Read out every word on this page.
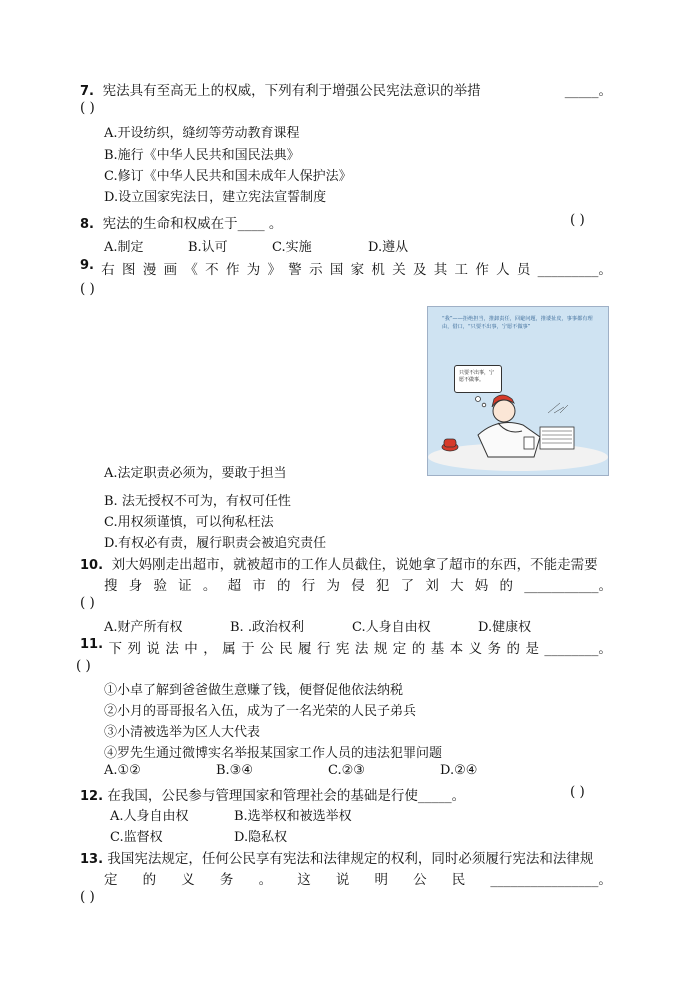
7. 宪法具有至高无上的权威，下列有利于增强公民宪法意识的举措	_____。
( )
A.开设纺织，缝纫等劳动教育课程
B.施行《中华人民共和国民法典》
C.修订《中华人民共和国未成年人保护法》
D.设立国家宪法日，建立宪法宣誓制度
8. 宪法的生命和权威在于____ 。	( )
A.制定	B.认可	C.实施	D.遵从
9. 右 图 漫 画 《 不 作 为 》 警 示 国 家 机 关 及 其 工 作 人 员 _________。
( )
“我”——拒绝担当，推卸责任，回避问题，推诿扯皮，事事都有理由，借口，“只要不出事，宁愿不做事”
只要不出事，宁愿不做事。
A.法定职责必须为，要敢于担当
B. 法无授权不可为，有权可任性
C.用权须谨慎，可以徇私枉法
D.有权必有责，履行职责会被追究责任
10. 刘大妈刚走出超市，就被超市的工作人员截住，说她拿了超市的东西，不能走需要
搜 身 验 证 。 超 市 的 行 为 侵 犯 了 刘 大 妈 的 ___________。
( )
A.财产所有权	B. .政治权利	C.人身自由权	D.健康权
11. 下 列 说 法 中 ， 属 于 公 民 履 行 宪 法 规 定 的 基 本 义 务 的 是 ________。
( )
①小卓了解到爸爸做生意赚了钱，便督促他依法纳税
②小月的哥哥报名入伍，成为了一名光荣的人民子弟兵
③小清被选举为区人大代表
④罗先生通过微博实名举报某国家工作人员的违法犯罪问题
A.①②	B.③④	C.②③	D.②④
12. 在我国，公民参与管理国家和管理社会的基础是行使_____。	( )
A.人身自由权	B.选举权和被选举权
C.监督权	D.隐私权
13. 我国宪法规定，任何公民享有宪法和法律规定的权利，同时必须履行宪法和法律规
定 的 义 务 。 这 说 明 公 民 ________________。
( )
